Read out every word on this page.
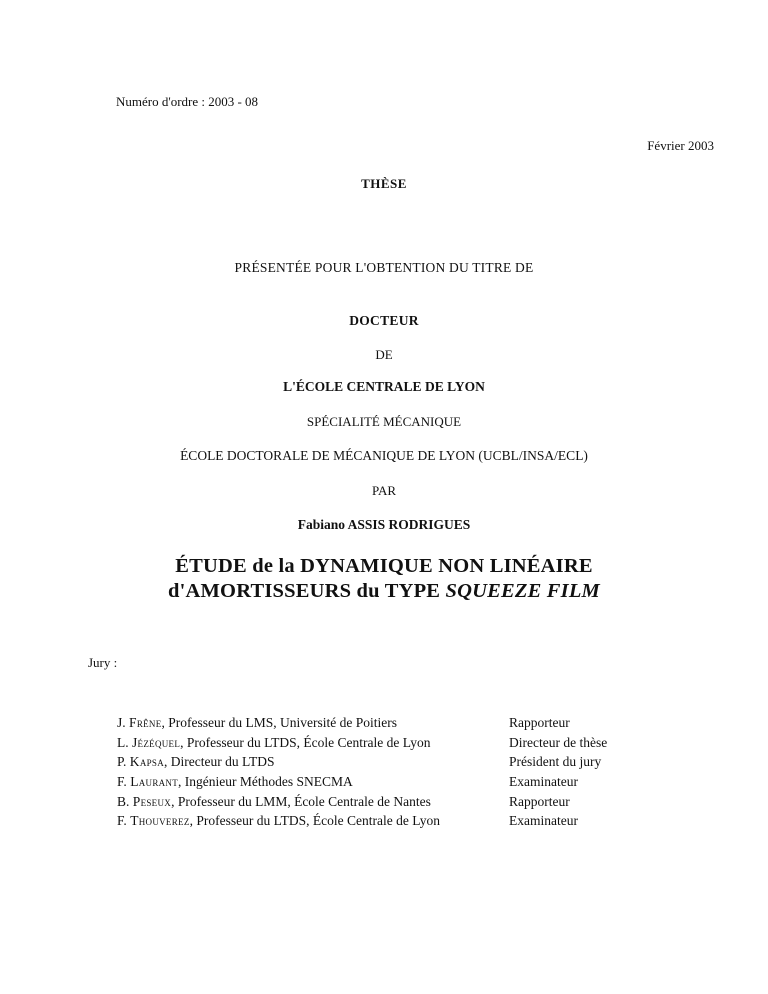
Numéro d'ordre : 2003 - 08
Février 2003
THÈSE
PRÉSENTÉE POUR L'OBTENTION DU TITRE DE
DOCTEUR
DE
L'ÉCOLE CENTRALE DE LYON
SPÉCIALITÉ MÉCANIQUE
ÉCOLE DOCTORALE DE MÉCANIQUE DE LYON (UCBL/INSA/ECL)
PAR
Fabiano ASSIS RODRIGUES
ÉTUDE de la DYNAMIQUE NON LINÉAIRE
d'AMORTISSEURS du TYPE SQUEEZE FILM
Jury :
J. Frêne, Professeur du LMS, Université de Poitiers	Rapporteur
L. Jézéquel, Professeur du LTDS, École Centrale de Lyon	Directeur de thèse
P. Kapsa, Directeur du LTDS	Président du jury
F. Laurant, Ingénieur Méthodes SNECMA	Examinateur
B. Peseux, Professeur du LMM, École Centrale de Nantes	Rapporteur
F. Thouverez, Professeur du LTDS, École Centrale de Lyon	Examinateur
